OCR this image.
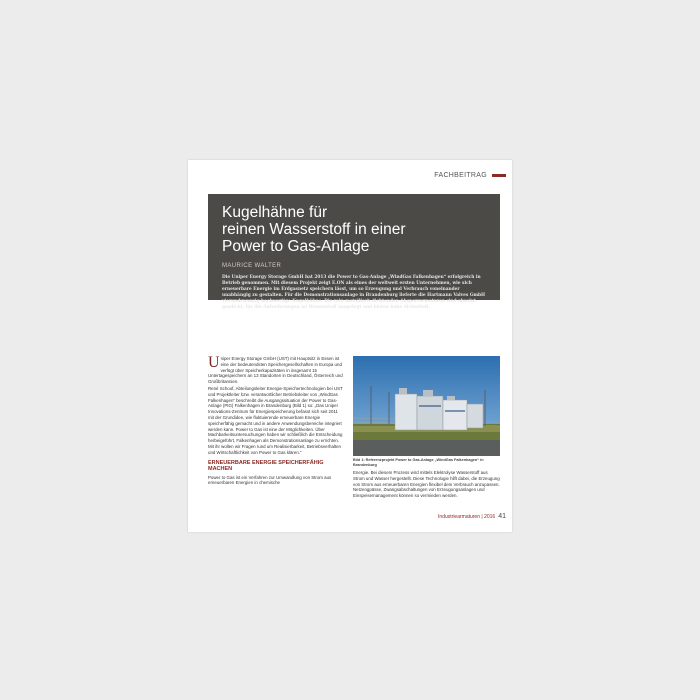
FACHBEITRAG
Kugelhähne für
reinen Wasserstoff in einer
Power to Gas-Anlage
MAURICE WALTER
Die Uniper Energy Storage GmbH hat 2013 die Power to Gas-Anlage „WindGas Falkenhagen“ erfolgreich in Betrieb genommen. Mit diesem Projekt zeigt E.ON als eines der weltweit ersten Unternehmen, wie sich erneuerbare Energie im Erdgasnetz speichern lässt, um so Erzeugung und Verbrauch voneinander unabhängig zu gestalten. Für die Demonstrationsanlage in Brandenburg lieferte die Hartmann Valves GmbH vierundzwanzig hochwertige Kugelhähne. Die rein metallisch dichtenden Absperrarmaturen sind absolut gasdicht, für die Anforderungen an Wasserstoff ausgelegt und bieten hohe Sicherheit.

Uniper Energy Storage GmbH (UST) mit Hauptsitz in Essen ist eine der bedeutendsten Speichergesellschaften in Europa und verfügt über Speicherkapazitäten in insgesamt 15 Untertagespeichern an 13 Standorten in Deutschland, Österreich und Großbritannien.

René Schoof, Abteilungsleiter Energie-Speichertechnologien bei UST und Projektleiter bzw. verantwortlicher Betriebsleiter von „WindGas Falkenhagen“ beschreibt die Ausgangssituation der Power to Gas-Anlage (PtG) Falkenhagen in Brandenburg (Bild 1) so: „Das Uniper Innovations-Zentrum für Energiespeicherung befasst sich seit 2011 mit der Grundidee, wie fluktuierende erneuerbare Energie speicherfähig gemacht und in andere Anwendungsbereiche integriert werden kann. Power to Gas ist eine der Möglichkeiten. Über Machbarkeitsuntersuchungen haben wir schließlich die Entscheidung herbeigeführt, Falkenhagen als Demonstrationsanlage zu errichten. Mit ihr wollen wir Fragen rund um Realisierbarkeit, Betriebsverhalten und Wirtschaftlichkeit von Power to Gas klären.“

ERNEUERBARE ENERGIE SPEICHERFÄHIG MACHEN

Power to Gas ist ein Verfahren zur Umwandlung von Strom aus erneuerbaren Energien in chemische

Bild 1: Referenzprojekt Power to Gas-Anlage „WindGas Falkenhagen“ in Brandenburg
Energie. Bei diesem Prozess wird mittels Elektrolyse Wasserstoff aus Strom und Wasser hergestellt. Diese Technologie hilft dabei, die Erzeugung von Strom aus erneuerbaren Energien flexibel dem Verbrauch anzupassen. Netzengpässe, Zwangsabschaltungen von Erzeugungsanlagen und Einspeisemanagement können so vermieden werden.
Industriearmaturen | 2016 41
